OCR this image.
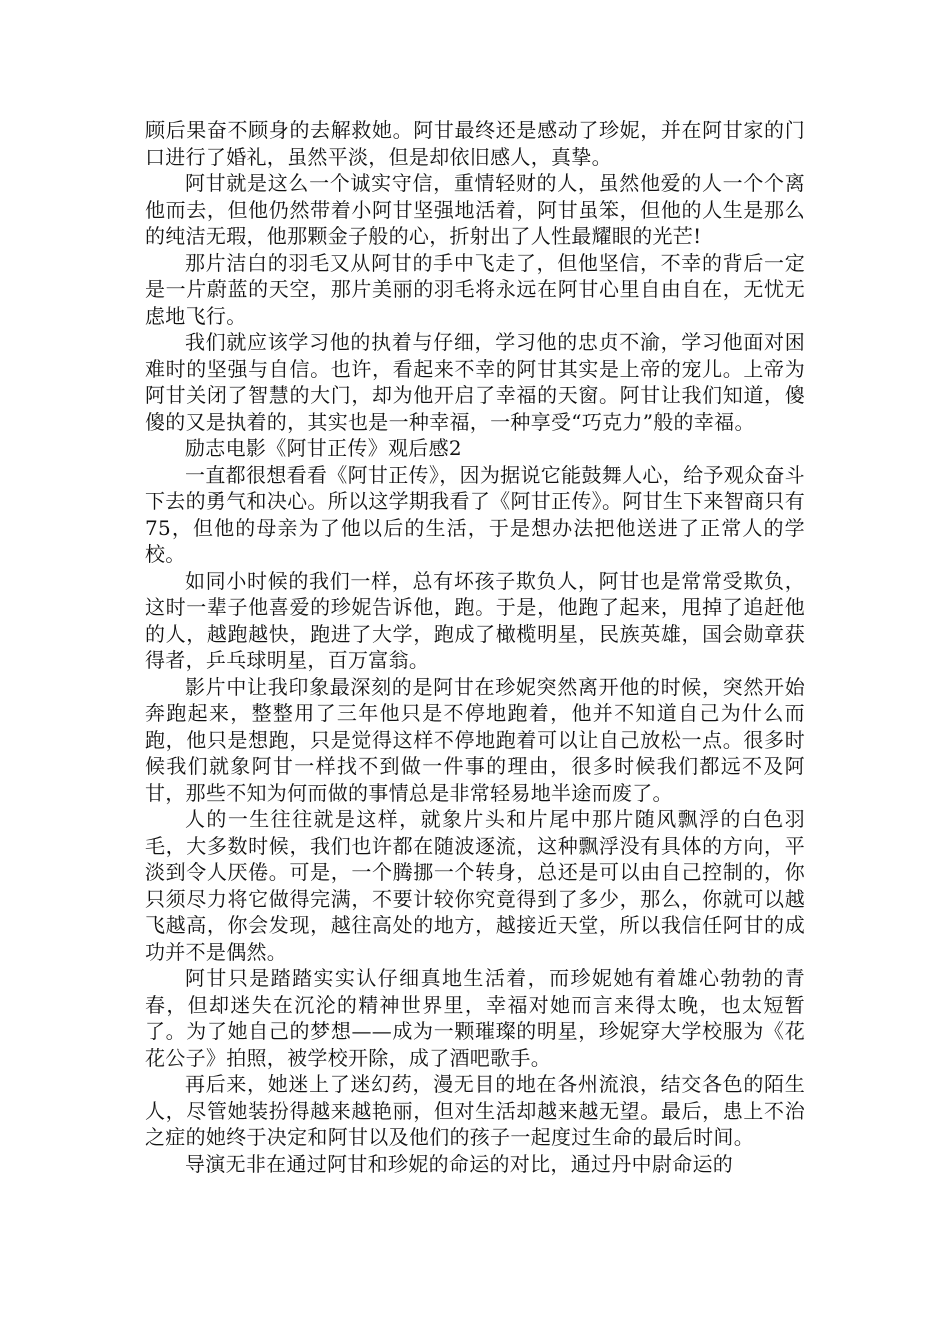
顾后果奋不顾身的去解救她。阿甘最终还是感动了珍妮，并在阿甘家的门口进行了婚礼，虽然平淡，但是却依旧感人，真挚。

阿甘就是这么一个诚实守信，重情轻财的人，虽然他爱的人一个个离他而去，但他仍然带着小阿甘坚强地活着，阿甘虽笨，但他的人生是那么的纯洁无瑕，他那颗金子般的心，折射出了人性最耀眼的光芒!

那片洁白的羽毛又从阿甘的手中飞走了，但他坚信，不幸的背后一定是一片蔚蓝的天空，那片美丽的羽毛将永远在阿甘心里自由自在，无忧无虑地飞行。

我们就应该学习他的执着与仔细，学习他的忠贞不渝，学习他面对困难时的坚强与自信。也许，看起来不幸的阿甘其实是上帝的宠儿。上帝为阿甘关闭了智慧的大门，却为他开启了幸福的天窗。阿甘让我们知道，傻傻的又是执着的，其实也是一种幸福，一种享受“巧克力”般的幸福。

励志电影《阿甘正传》观后感2

一直都很想看看《阿甘正传》，因为据说它能鼓舞人心，给予观众奋斗下去的勇气和决心。所以这学期我看了《阿甘正传》。阿甘生下来智商只有75，但他的母亲为了他以后的生活，于是想办法把他送进了正常人的学校。

如同小时候的我们一样，总有坏孩子欺负人，阿甘也是常常受欺负，这时一辈子他喜爱的珍妮告诉他，跑。于是，他跑了起来，甩掉了追赶他的人，越跑越快，跑进了大学，跑成了橄榄明星，民族英雄，国会勋章获得者，乒乓球明星，百万富翁。

影片中让我印象最深刻的是阿甘在珍妮突然离开他的时候，突然开始奔跑起来，整整用了三年他只是不停地跑着，他并不知道自己为什么而跑，他只是想跑，只是觉得这样不停地跑着可以让自己放松一点。很多时候我们就象阿甘一样找不到做一件事的理由，很多时候我们都远不及阿甘，那些不知为何而做的事情总是非常轻易地半途而废了。

人的一生往往就是这样，就象片头和片尾中那片随风飘浮的白色羽毛，大多数时候，我们也许都在随波逐流，这种飘浮没有具体的方向，平淡到令人厌倦。可是，一个腾挪一个转身，总还是可以由自己控制的，你只须尽力将它做得完满，不要计较你究竟得到了多少，那么，你就可以越飞越高，你会发现，越往高处的地方，越接近天堂，所以我信任阿甘的成功并不是偶然。

阿甘只是踏踏实实认仔细真地生活着，而珍妮她有着雄心勃勃的青春，但却迷失在沉沦的精神世界里，幸福对她而言来得太晚，也太短暂了。为了她自己的梦想——成为一颗璀璨的明星，珍妮穿大学校服为《花花公子》拍照，被学校开除，成了酒吧歌手。

再后来，她迷上了迷幻药，漫无目的地在各州流浪，结交各色的陌生人，尽管她装扮得越来越艳丽，但对生活却越来越无望。最后，患上不治之症的她终于决定和阿甘以及他们的孩子一起度过生命的最后时间。

导演无非在通过阿甘和珍妮的命运的对比，通过丹中尉命运的
